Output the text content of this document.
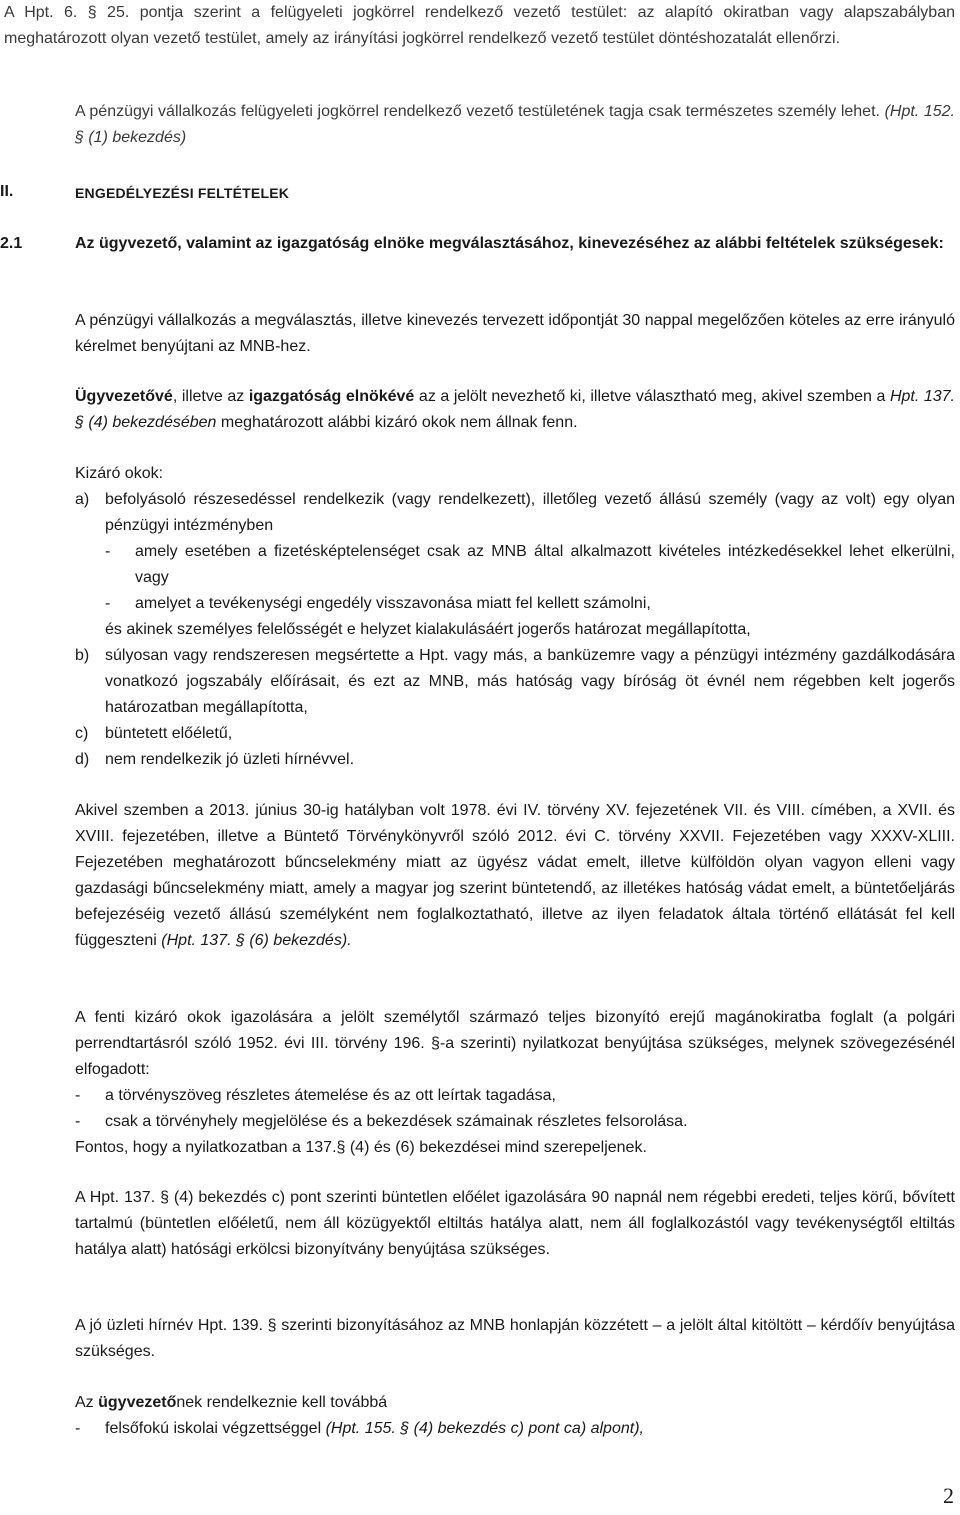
A Hpt. 6. § 25. pontja szerint a felügyeleti jogkörrel rendelkező vezető testület: az alapító okiratban vagy alapszabályban meghatározott olyan vezető testület, amely az irányítási jogkörrel rendelkező vezető testület döntéshozatalát ellenőrzi.

A pénzügyi vállalkozás felügyeleti jogkörrel rendelkező vezető testületének tagja csak természetes személy lehet. (Hpt. 152. § (1) bekezdés)

II.	ENGEDÉLYEZÉSI FELTÉTELEK
2.1	Az ügyvezető, valamint az igazgatóság elnöke megválasztásához, kinevezéséhez az alábbi feltételek szükségesek:

A pénzügyi vállalkozás a megválasztás, illetve kinevezés tervezett időpontját 30 nappal megelőzően köteles az erre irányuló kérelmet benyújtani az MNB-hez.

Ügyvezetővé, illetve az igazgatóság elnökévé az a jelölt nevezhető ki, illetve választható meg, akivel szemben a Hpt. 137. § (4) bekezdésében meghatározott alábbi kizáró okok nem állnak fenn.

Kizáró okok:

a) befolyásoló részesedéssel rendelkezik (vagy rendelkezett), illetőleg vezető állású személy (vagy az volt) egy olyan pénzügyi intézményben

- amely esetében a fizetésképtelenséget csak az MNB által alkalmazott kivételes intézkedésekkel lehet elkerülni, vagy

- amelyet a tevékenységi engedély visszavonása miatt fel kellett számolni,

és akinek személyes felelősségét e helyzet kialakulásáért jogerős határozat megállapította,

b) súlyosan vagy rendszeresen megsértette a Hpt. vagy más, a banküzemre vagy a pénzügyi intézmény gazdálkodására vonatkozó jogszabály előírásait, és ezt az MNB, más hatóság vagy bíróság öt évnél nem régebben kelt jogerős határozatban megállapította,

c) büntetett előéletű,

d) nem rendelkezik jó üzleti hírnévvel.

Akivel szemben a 2013. június 30-ig hatályban volt 1978. évi IV. törvény XV. fejezetének VII. és VIII. címében, a XVII. és XVIII. fejezetében, illetve a Büntető Törvénykönyvről szóló 2012. évi C. törvény XXVII. Fejezetében vagy XXXV-XLIII. Fejezetében meghatározott bűncselekmény miatt az ügyész vádat emelt, illetve külföldön olyan vagyon elleni vagy gazdasági bűncselekmény miatt, amely a magyar jog szerint büntetendő, az illetékes hatóság vádat emelt, a büntetőeljárás befejezéséig vezető állású személyként nem foglalkoztatható, illetve az ilyen feladatok általa történő ellátását fel kell függeszteni (Hpt. 137. § (6) bekezdés).

A fenti kizáró okok igazolására a jelölt személytől származó teljes bizonyító erejű magánokiratba foglalt (a polgári perrendtartásról szóló 1952. évi III. törvény 196. §-a szerinti) nyilatkozat benyújtása szükséges, melynek szövegezésénél elfogadott:

- a törvényszöveg részletes átemelése és az ott leírtak tagadása,

- csak a törvényhely megjelölése és a bekezdések számainak részletes felsorolása.

Fontos, hogy a nyilatkozatban a 137.§ (4) és (6) bekezdései mind szerepeljenek.

A Hpt. 137. § (4) bekezdés c) pont szerinti büntetlen előélet igazolására 90 napnál nem régebbi eredeti, teljes körű, bővített tartalmú (büntetlen előéletű, nem áll közügyektől eltiltás hatálya alatt, nem áll foglalkozástól vagy tevékenységtől eltiltás hatálya alatt) hatósági erkölcsi bizonyítvány benyújtása szükséges.

A jó üzleti hírnév Hpt. 139. § szerinti bizonyításához az MNB honlapján közzétett – a jelölt által kitöltött – kérdőív benyújtása szükséges.

Az ügyvezetőnek rendelkeznie kell továbbá

- felsőfokú iskolai végzettséggel (Hpt. 155. § (4) bekezdés c) pont ca) alpont),

2
